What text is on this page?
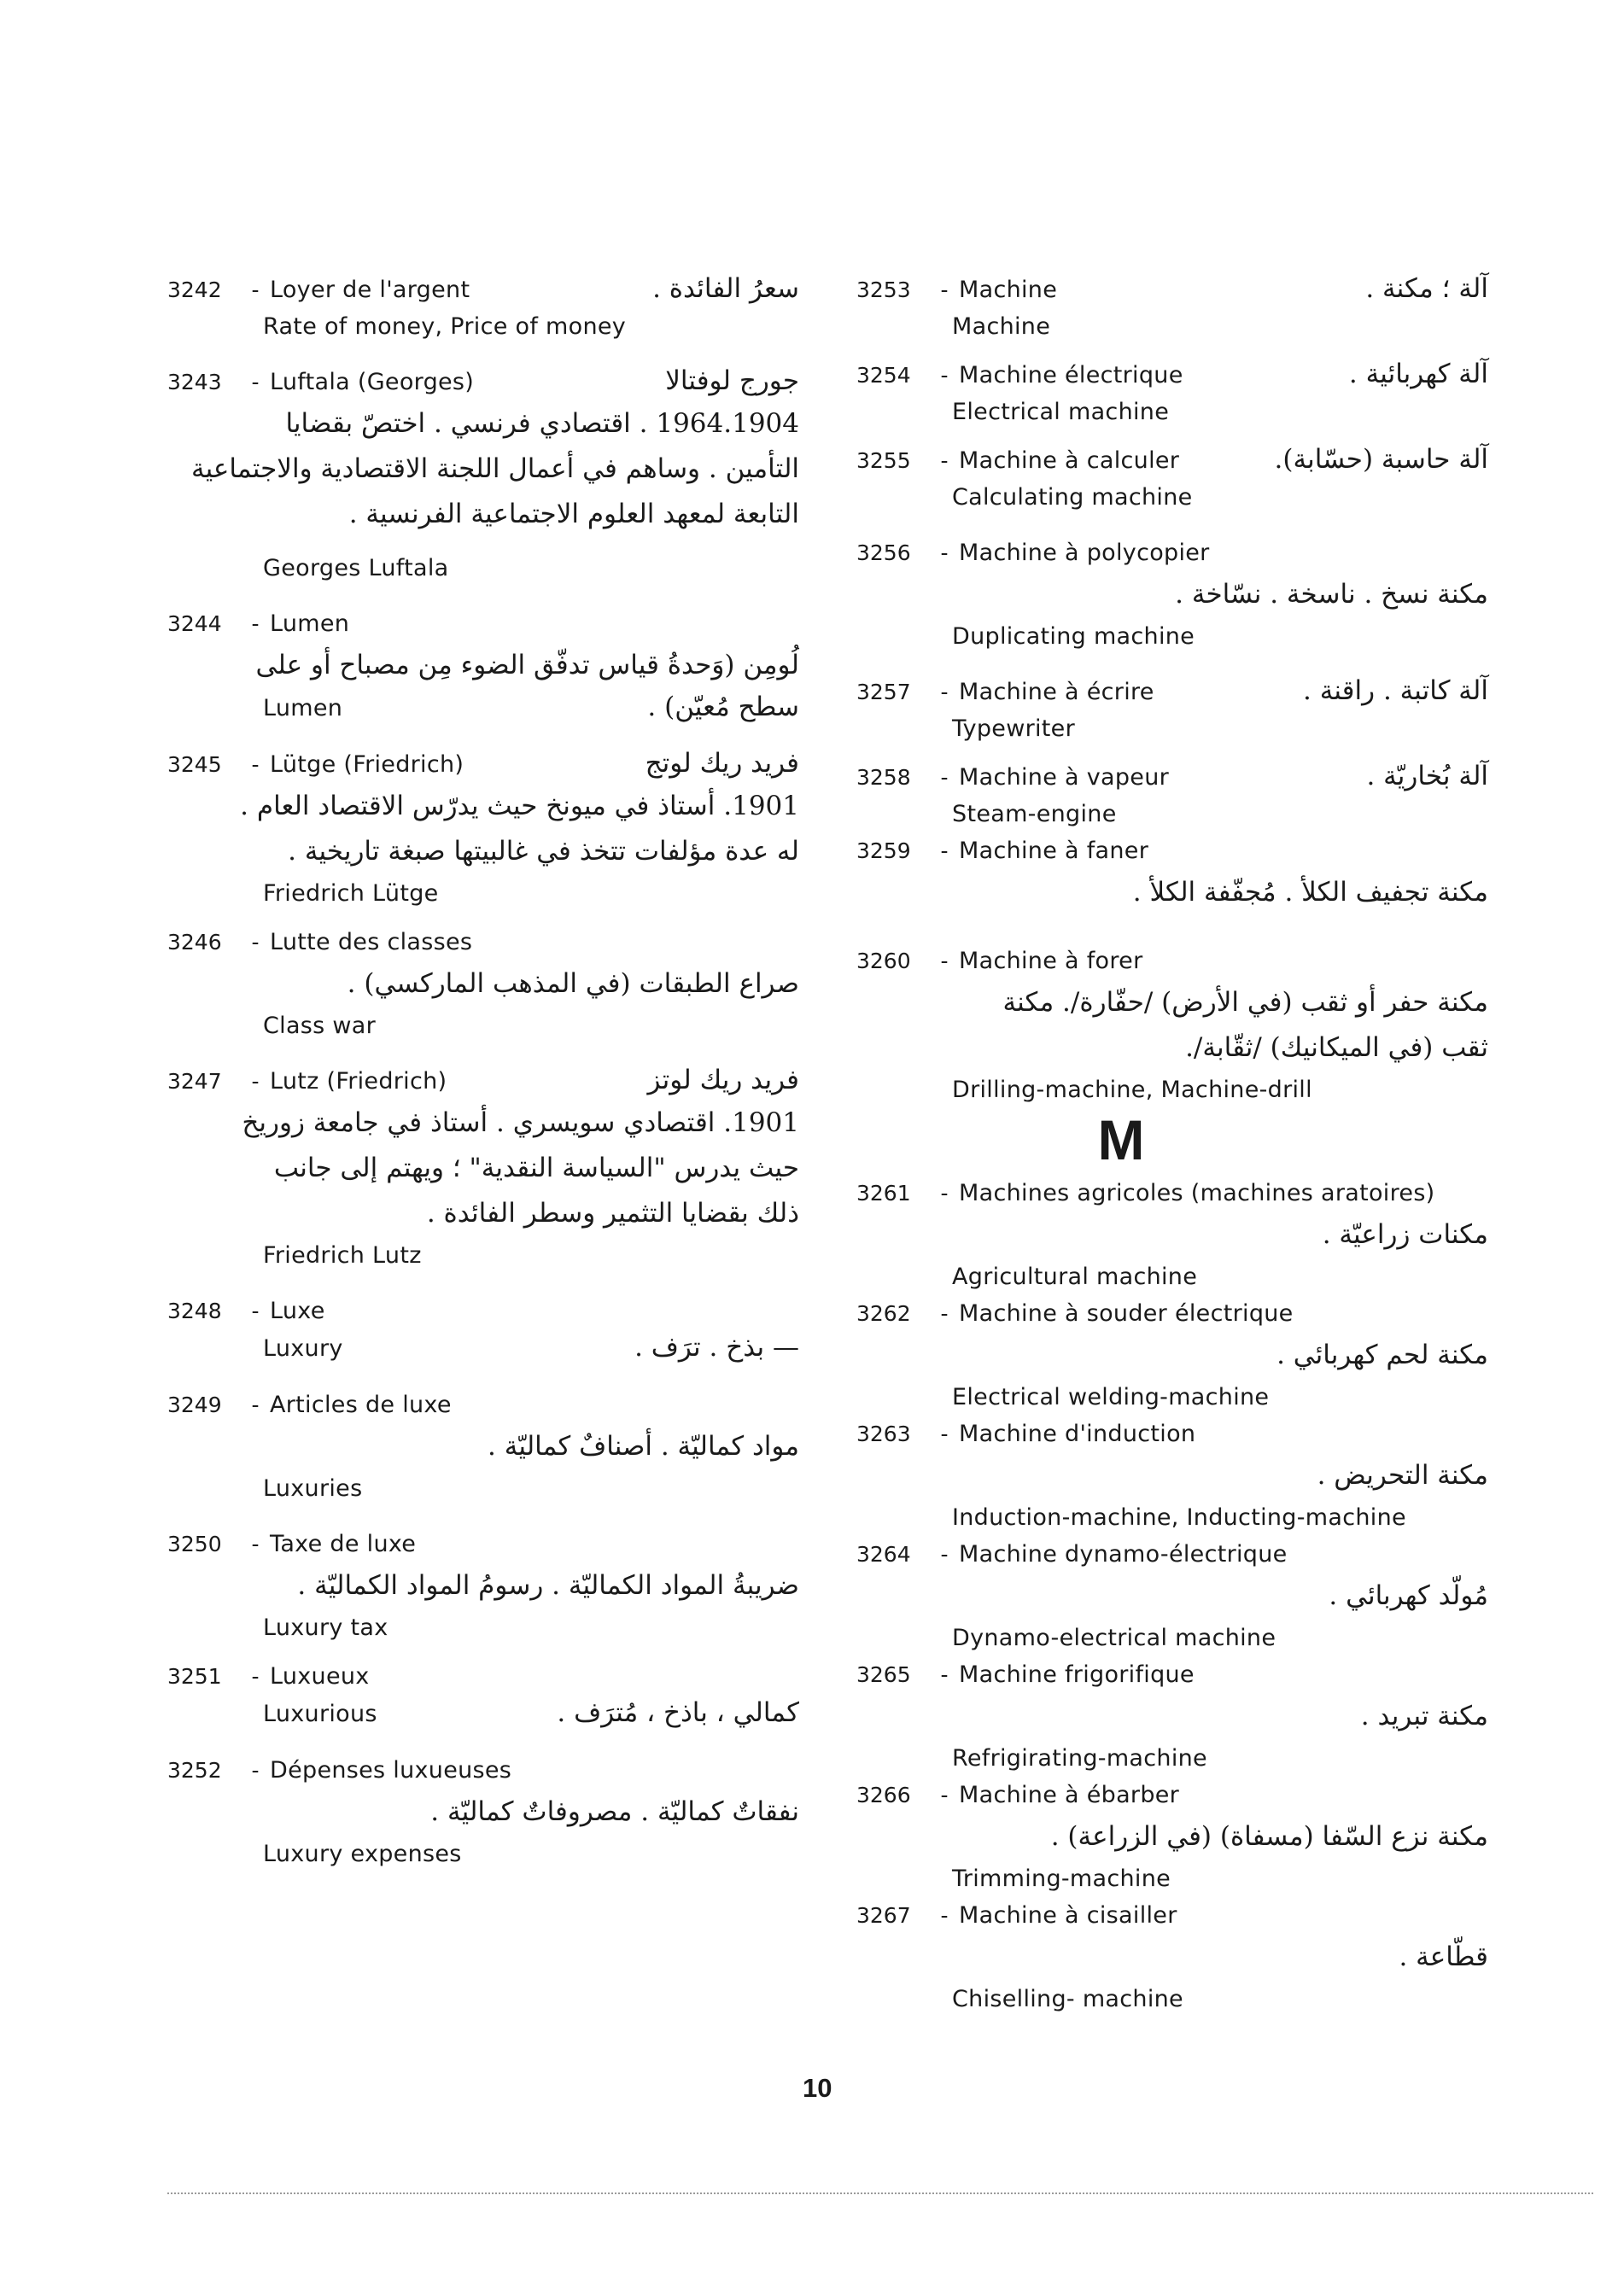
3242	- Loyer de l'argent	سعرُ الفائدة .
Rate of money, Price of money
3243	- Luftala (Georges)	جورج لوفتالا
1964.1904 . اقتصادي فرنسي . اختصّ بقضايا
التأمين . وساهم في أعمال اللجنة الاقتصادية والاجتماعية
التابعة لمعهد العلوم الاجتماعية الفرنسية .
Georges Luftala
3244	- Lumen
لُومِن (وَحدةُ قياس تدفّق الضوء مِن مصباح أو على
Lumen	سطح مُعيّن) .
3245	- Lütge (Friedrich)	فريد ريك لوتج
1901. أستاذ في ميونخ حيث يدرّس الاقتصاد العام .
له عدة مؤلفات تتخذ في غالبيتها صبغة تاريخية .
Friedrich Lütge
3246	- Lutte des classes
صراع الطبقات (في المذهب الماركسي) .
Class war
3247	- Lutz (Friedrich)	فريد ريك لوتز
1901. اقتصادي سويسري . أستاذ في جامعة زوريخ
حيث يدرس "السياسة النقدية" ؛ ويهتم إلى جانب
ذلك بقضايا التثمير وسطر الفائدة .
Friedrich Lutz
3248	- Luxe
Luxury	— بذخ . ترَف .
3249	- Articles de luxe
مواد كماليّة . أصنافٌ كماليّة .
Luxuries
3250	- Taxe de luxe
ضريبةُ المواد الكماليّة . رسومُ المواد الكماليّة .
Luxury tax
3251	- Luxueux
Luxurious	كمالي ، باذخ ، مُترَف .
3252	- Dépenses luxueuses
نفقاتٌ كماليّة . مصروفاتٌ كماليّة .
Luxury expenses
3253	- Machine	آلة ؛ مكنة .
Machine
3254	- Machine électrique	آلة كهربائية .
Electrical machine
3255	- Machine à calculer	آلة حاسبة (حسّابة).
Calculating machine
3256	- Machine à polycopier
مكنة نسخ . ناسخة . نسّاخة .
Duplicating machine
3257	- Machine à écrire	آلة كاتبة . راقنة .
Typewriter
3258	- Machine à vapeur	آلة بُخاريّة .
Steam-engine
3259	- Machine à faner
مكنة تجفيف الكلأ . مُجفّفة الكلأ .
3260	- Machine à forer
مكنة حفر أو ثقب (في الأرض) /حفّارة/. مكنة
ثقب (في الميكانيك) /ثقّابة/.
Drilling-machine, Machine-drill
M
3261	- Machines agricoles (machines aratoires)
مكنات زراعيّة .
Agricultural machine
3262	- Machine à souder électrique
مكنة لحم كهربائي .
Electrical welding-machine
3263	- Machine d'induction
مكنة التحريض .
Induction-machine, Inducting-machine
3264	- Machine dynamo-électrique
مُولّد كهربائي .
Dynamo-electrical machine
3265	- Machine frigorifique
مكنة تبريد .
Refrigirating-machine
3266	- Machine à ébarber
مكنة نزع السّفا (مسفاة) (في الزراعة) .
Trimming-machine
3267	- Machine à cisailler
قطّاعة .
Chiselling- machine
10
